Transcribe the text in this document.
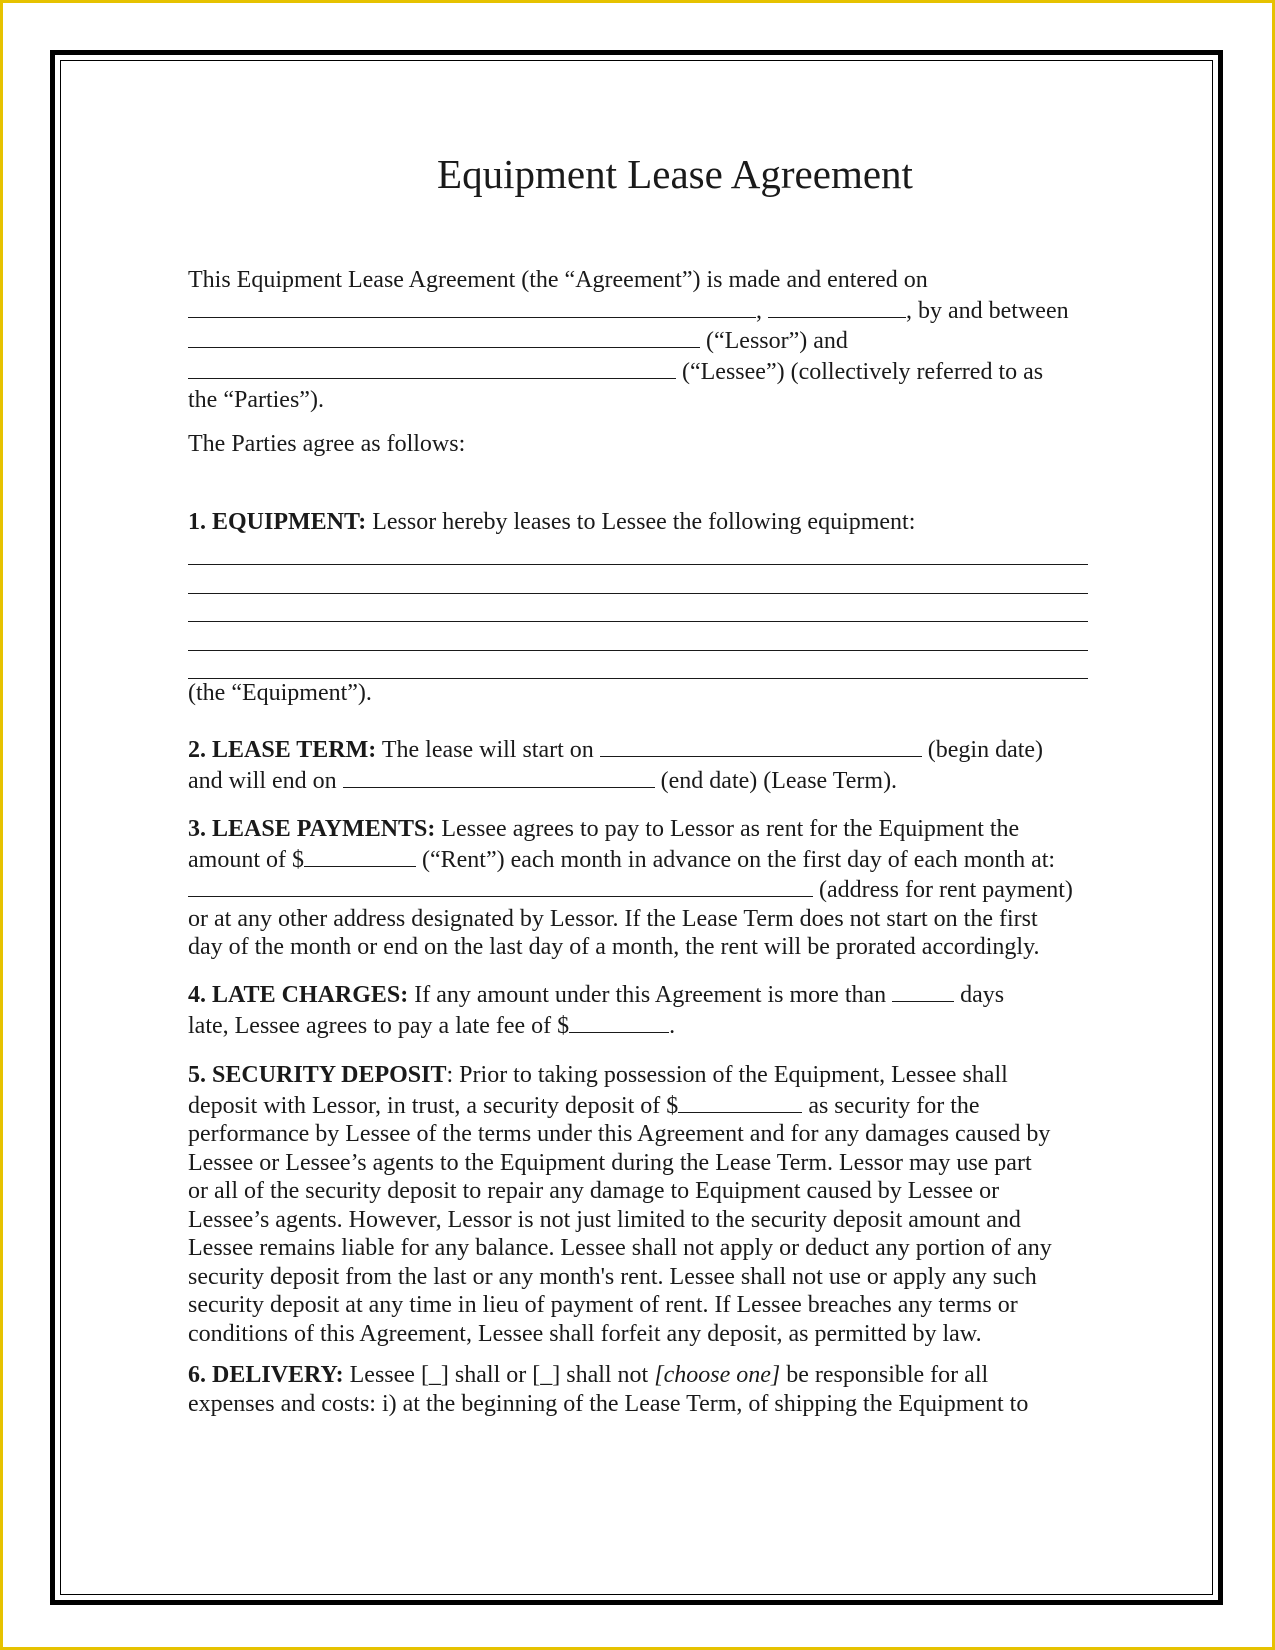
Equipment Lease Agreement
This Equipment Lease Agreement (the “Agreement”) is made and entered on
,	, by and between
(“Lessor”) and
(“Lessee”) (collectively referred to as
the “Parties”).
The Parties agree as follows:
1. EQUIPMENT: Lessor hereby leases to Lessee the following equipment:
(the “Equipment”).
2. LEASE TERM: The lease will start on	(begin date)
and will end on	(end date) (Lease Term).
3. LEASE PAYMENTS: Lessee agrees to pay to Lessor as rent for the Equipment the
amount of $	(“Rent”) each month in advance on the first day of each month at:
(address for rent payment)
or at any other address designated by Lessor. If the Lease Term does not start on the first
day of the month or end on the last day of a month, the rent will be prorated accordingly.
4. LATE CHARGES: If any amount under this Agreement is more than	days
late, Lessee agrees to pay a late fee of $	.
5. SECURITY DEPOSIT: Prior to taking possession of the Equipment, Lessee shall
deposit with Lessor, in trust, a security deposit of $	as security for the
performance by Lessee of the terms under this Agreement and for any damages caused by
Lessee or Lessee’s agents to the Equipment during the Lease Term. Lessor may use part
or all of the security deposit to repair any damage to Equipment caused by Lessee or
Lessee’s agents. However, Lessor is not just limited to the security deposit amount and
Lessee remains liable for any balance. Lessee shall not apply or deduct any portion of any
security deposit from the last or any month's rent. Lessee shall not use or apply any such
security deposit at any time in lieu of payment of rent. If Lessee breaches any terms or
conditions of this Agreement, Lessee shall forfeit any deposit, as permitted by law.
6. DELIVERY: Lessee [_] shall or [_] shall not [choose one] be responsible for all
expenses and costs: i) at the beginning of the Lease Term, of shipping the Equipment to
